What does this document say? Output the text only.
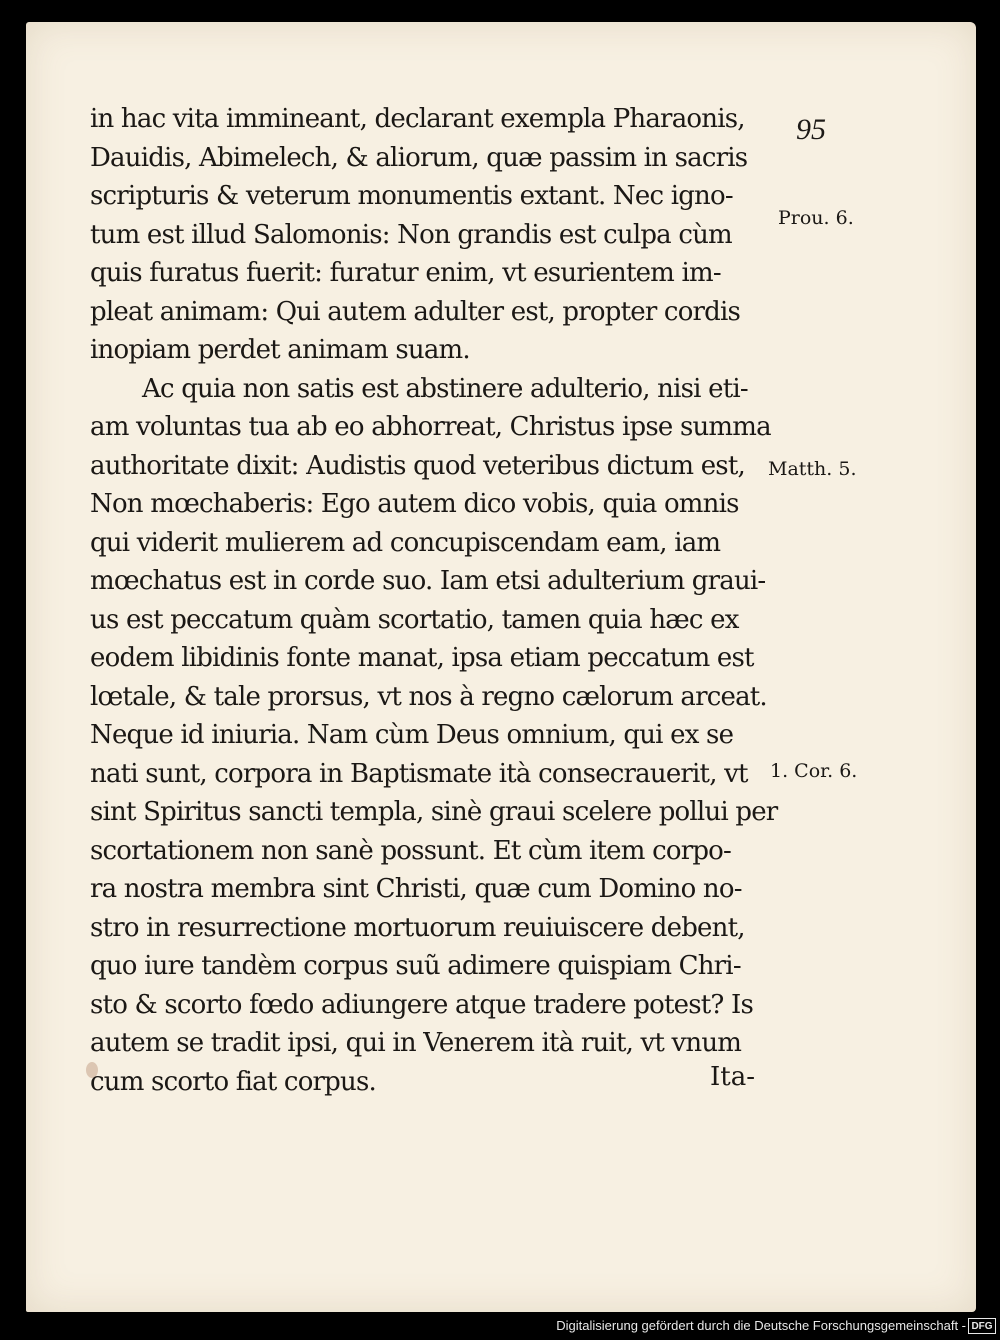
95
in hac vita immineant, declarant exempla Pharaonis,
Dauidis, Abimelech, & aliorum, quæ passim in sacris
scripturis & veterum monumentis extant. Nec igno-
tum est illud Salomonis: Non grandis est culpa cùm
quis furatus fuerit: furatur enim, vt esurientem im-
pleat animam: Qui autem adulter est, propter cordis
inopiam perdet animam suam.
Ac quia non satis est abstinere adulterio, nisi eti-
am voluntas tua ab eo abhorreat, Christus ipse summa
authoritate dixit: Audistis quod veteribus dictum est,
Non mœchaberis: Ego autem dico vobis, quia omnis
qui viderit mulierem ad concupiscendam eam, iam
mœchatus est in corde suo. Iam etsi adulterium graui-
us est peccatum quàm scortatio, tamen quia hæc ex
eodem libidinis fonte manat, ipsa etiam peccatum est
lœtale, & tale prorsus, vt nos à regno cælorum arceat.
Neque id iniuria. Nam cùm Deus omnium, qui ex se
nati sunt, corpora in Baptismate ità consecrauerit, vt
sint Spiritus sancti templa, sinè graui scelere pollui per
scortationem non sanè possunt. Et cùm item corpo-
ra nostra membra sint Christi, quæ cum Domino no-
stro in resurrectione mortuorum reuiuiscere debent,
quo iure tandèm corpus suũ adimere quispiam Chri-
sto & scorto fœdo adiungere atque tradere potest? Is
autem se tradit ipsi, qui in Venerem ità ruit, vt vnum
cum scorto fiat corpus.
Prou. 6.
Matth. 5.
1. Cor. 6.
Ita-
Digitalisierung gefördert durch die Deutsche Forschungsgemeinschaft - DFG
